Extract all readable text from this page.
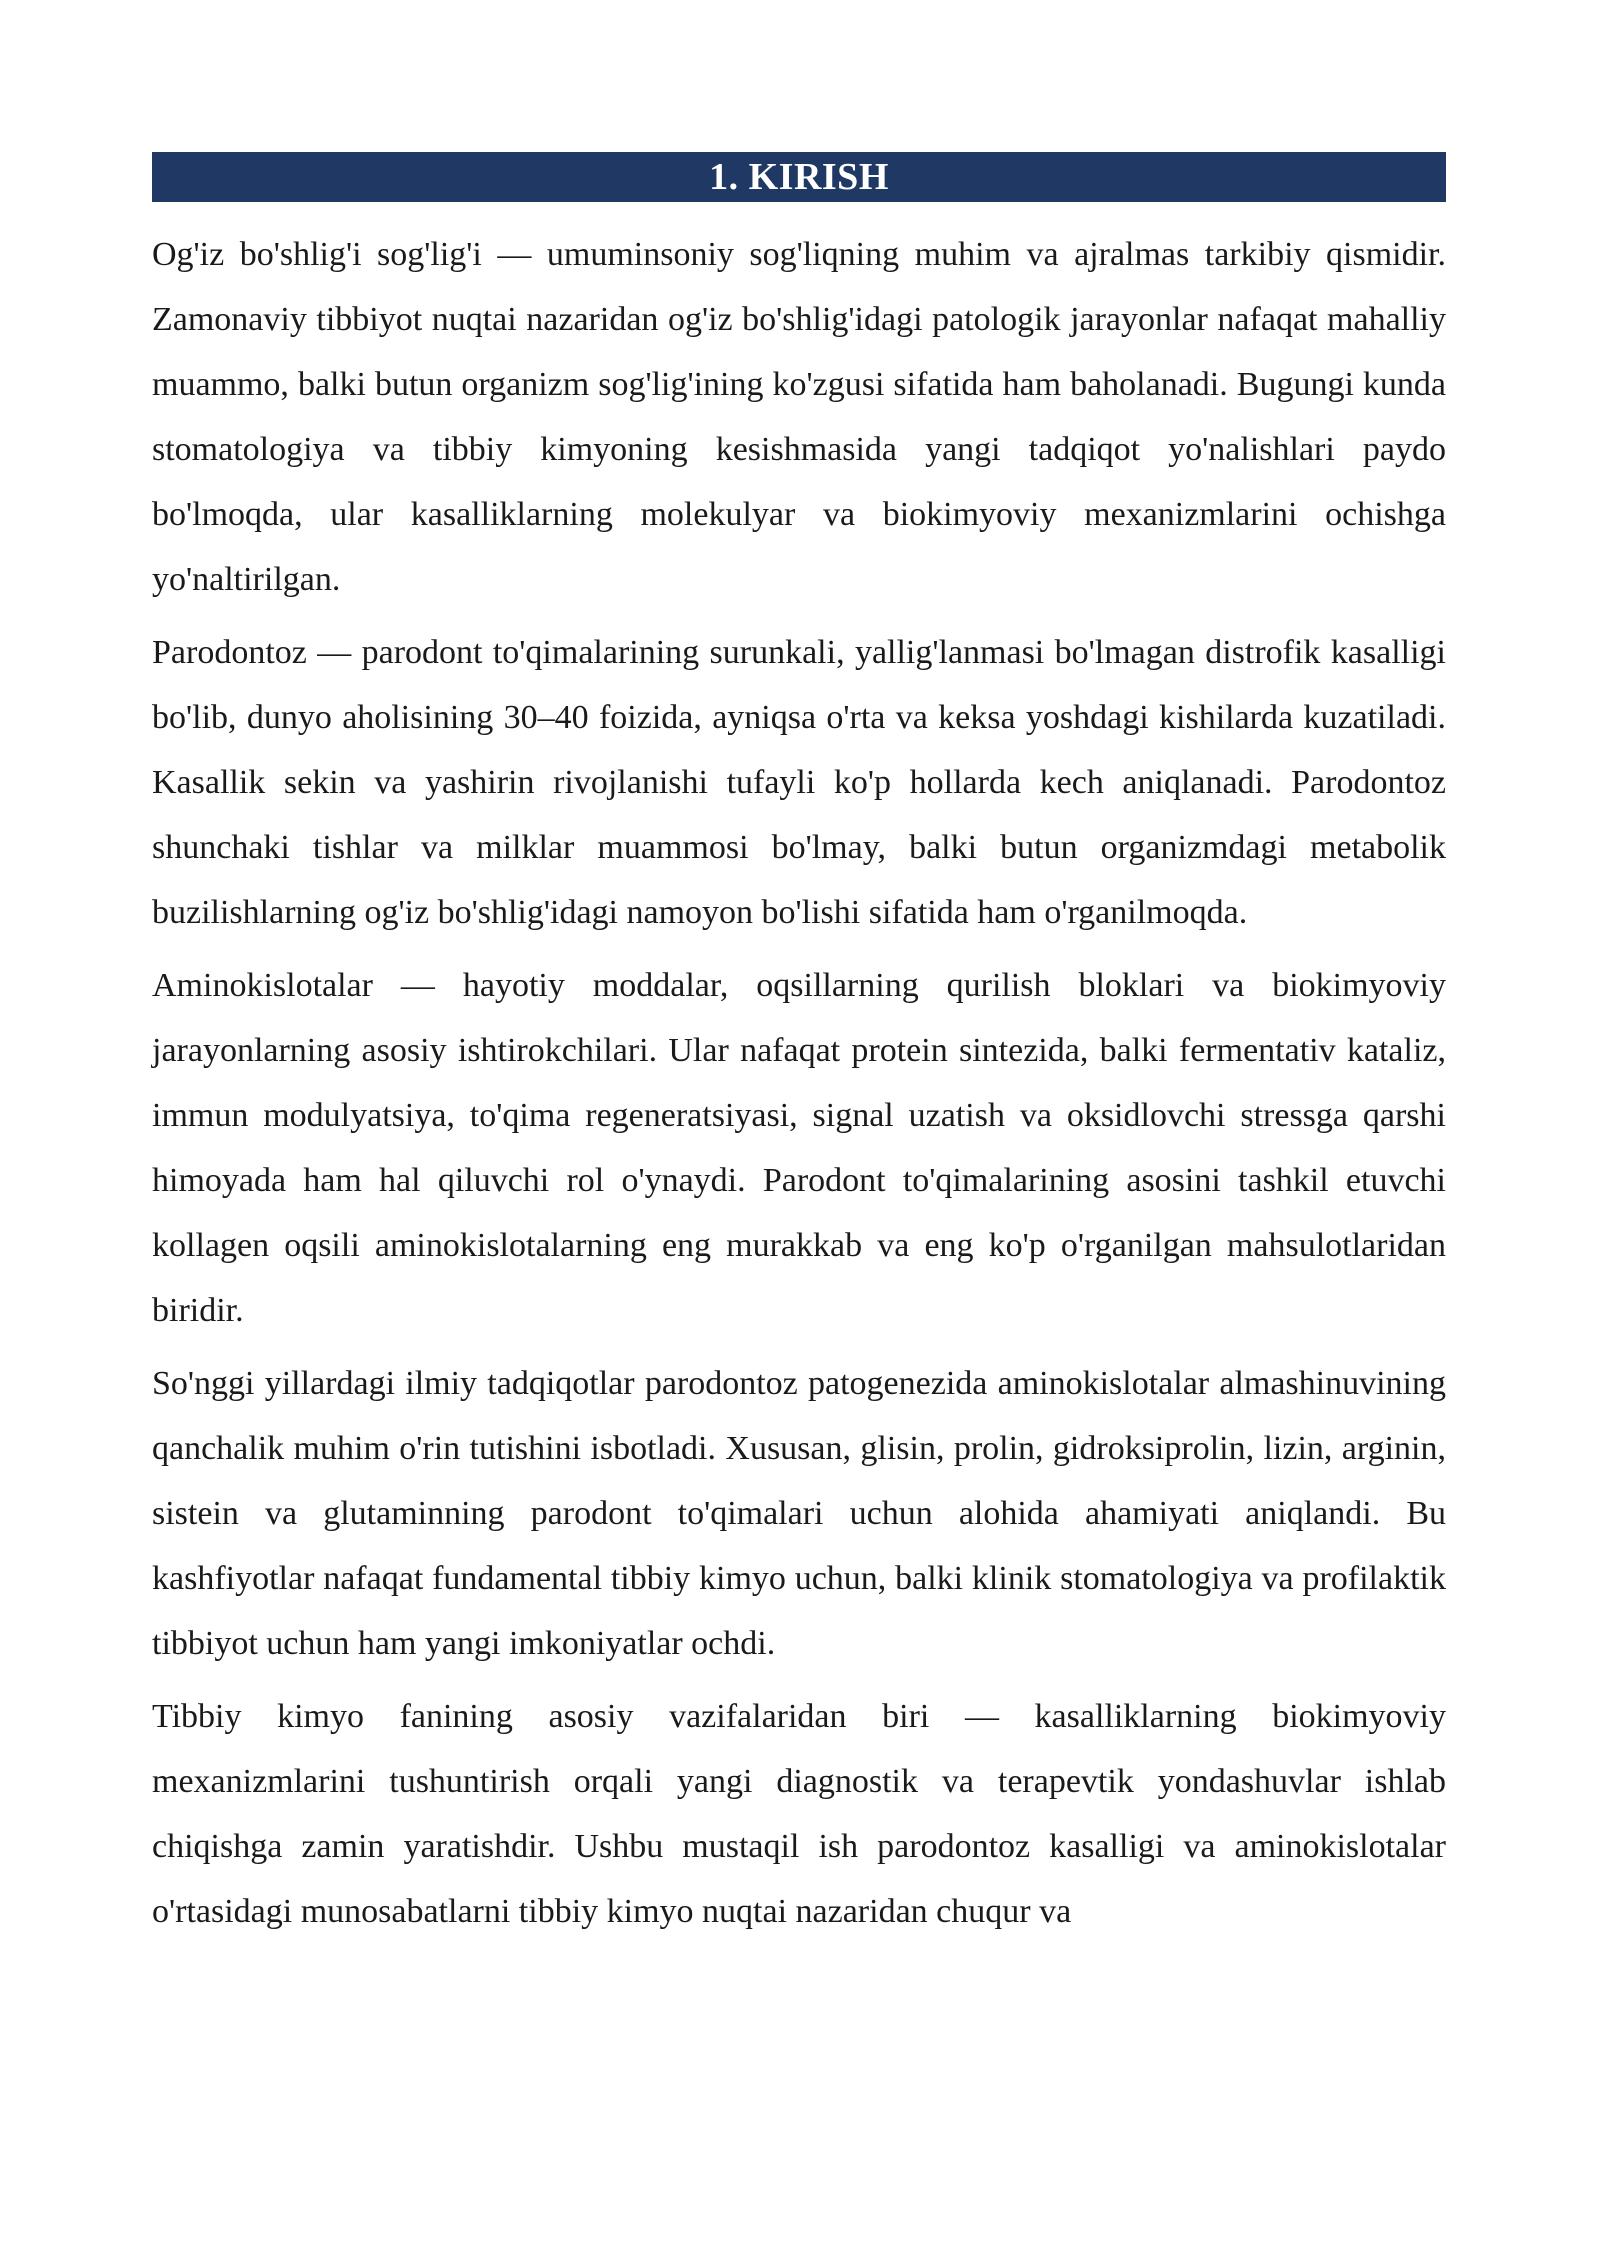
1. KIRISH

Og'iz bo'shlig'i sog'lig'i — umuminsoniy sog'liqning muhim va ajralmas tarkibiy qismidir. Zamonaviy tibbiyot nuqtai nazaridan og'iz bo'shlig'idagi patologik jarayonlar nafaqat mahalliy muammo, balki butun organizm sog'lig'ining ko'zgusi sifatida ham baholanadi. Bugungi kunda stomatologiya va tibbiy kimyoning kesishmasida yangi tadqiqot yo'nalishlari paydo bo'lmoqda, ular kasalliklarning molekulyar va biokimyoviy mexanizmlarini ochishga yo'naltirilgan.

Parodontoz — parodont to'qimalarining surunkali, yallig'lanmasi bo'lmagan distrofik kasalligi bo'lib, dunyo aholisining 30–40 foizida, ayniqsa o'rta va keksa yoshdagi kishilarda kuzatiladi. Kasallik sekin va yashirin rivojlanishi tufayli ko'p hollarda kech aniqlanadi. Parodontoz shunchaki tishlar va milklar muammosi bo'lmay, balki butun organizmdagi metabolik buzilishlarning og'iz bo'shlig'idagi namoyon bo'lishi sifatida ham o'rganilmoqda.

Aminokislotalar — hayotiy moddalar, oqsillarning qurilish bloklari va biokimyoviy jarayonlarning asosiy ishtirokchilari. Ular nafaqat protein sintezida, balki fermentativ kataliz, immun modulyatsiya, to'qima regeneratsiyasi, signal uzatish va oksidlovchi stressga qarshi himoyada ham hal qiluvchi rol o'ynaydi. Parodont to'qimalarining asosini tashkil etuvchi kollagen oqsili aminokislotalarning eng murakkab va eng ko'p o'rganilgan mahsulotlaridan biridir.

So'nggi yillardagi ilmiy tadqiqotlar parodontoz patogenezida aminokislotalar almashinuvining qanchalik muhim o'rin tutishini isbotladi. Xususan, glisin, prolin, gidroksiprolin, lizin, arginin, sistein va glutaminning parodont to'qimalari uchun alohida ahamiyati aniqlandi. Bu kashfiyotlar nafaqat fundamental tibbiy kimyo uchun, balki klinik stomatologiya va profilaktik tibbiyot uchun ham yangi imkoniyatlar ochdi.

Tibbiy kimyo fanining asosiy vazifalaridan biri — kasalliklarning biokimyoviy mexanizmlarini tushuntirish orqali yangi diagnostik va terapevtik yondashuvlar ishlab chiqishga zamin yaratishdir. Ushbu mustaqil ish parodontoz kasalligi va aminokislotalar o'rtasidagi munosabatlarni tibbiy kimyo nuqtai nazaridan chuqur va
